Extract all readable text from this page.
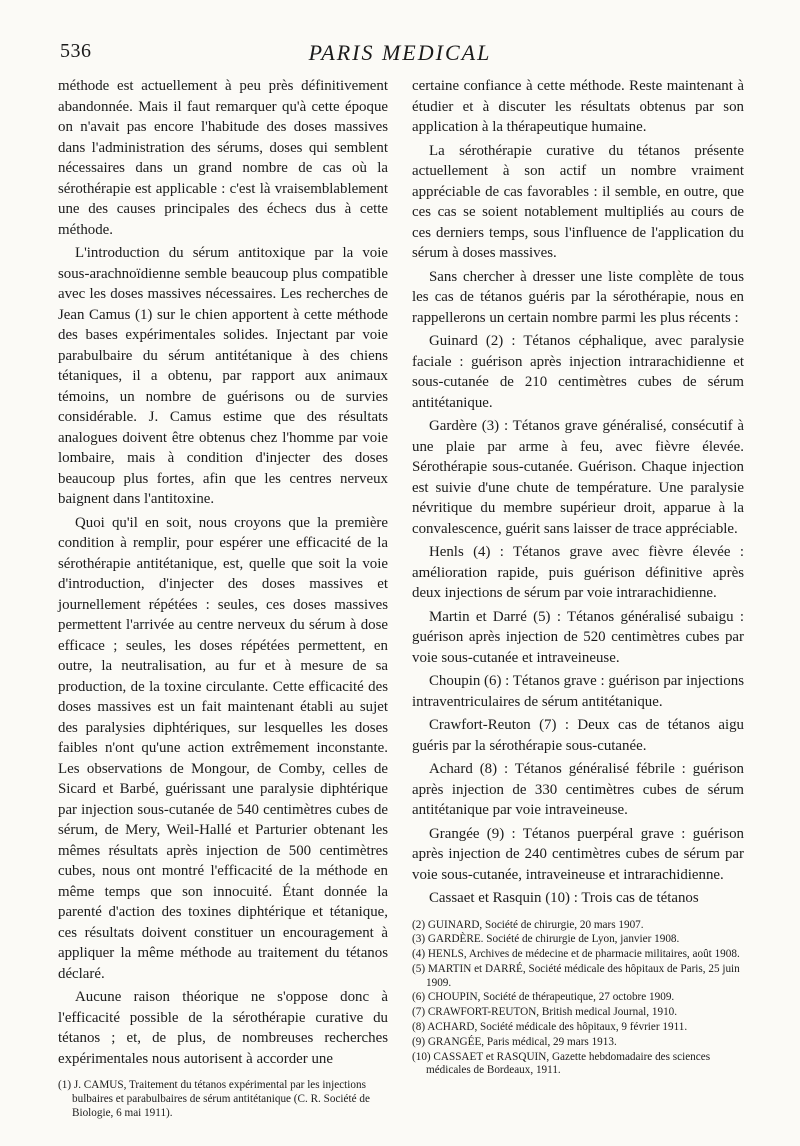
536	PARIS MEDICAL

méthode est actuellement à peu près définitivement abandonnée. Mais il faut remarquer qu'à cette époque on n'avait pas encore l'habitude des doses massives dans l'administration des sérums, doses qui semblent nécessaires dans un grand nombre de cas où la sérothérapie est applicable : c'est là vraisemblablement une des causes principales des échecs dus à cette méthode.

L'introduction du sérum antitoxique par la voie sous-arachnoïdienne semble beaucoup plus compatible avec les doses massives nécessaires. Les recherches de Jean Camus (1) sur le chien apportent à cette méthode des bases expérimentales solides. Injectant par voie parabulbaire du sérum antitétanique à des chiens tétaniques, il a obtenu, par rapport aux animaux témoins, un nombre de guérisons ou de survies considérable. J. Camus estime que des résultats analogues doivent être obtenus chez l'homme par voie lombaire, mais à condition d'injecter des doses beaucoup plus fortes, afin que les centres nerveux baignent dans l'antitoxine.

Quoi qu'il en soit, nous croyons que la première condition à remplir, pour espérer une efficacité de la sérothérapie antitétanique, est, quelle que soit la voie d'introduction, d'injecter des doses massives et journellement répétées : seules, ces doses massives permettent l'arrivée au centre nerveux du sérum à dose efficace ; seules, les doses répétées permettent, en outre, la neutralisation, au fur et à mesure de sa production, de la toxine circulante. Cette efficacité des doses massives est un fait maintenant établi au sujet des paralysies diphtériques, sur lesquelles les doses faibles n'ont qu'une action extrêmement inconstante. Les observations de Mongour, de Comby, celles de Sicard et Barbé, guérissant une paralysie diphtérique par injection sous-cutanée de 540 centimètres cubes de sérum, de Mery, Weil-Hallé et Parturier obtenant les mêmes résultats après injection de 500 centimètres cubes, nous ont montré l'efficacité de la méthode en même temps que son innocuité. Étant donnée la parenté d'action des toxines diphtérique et tétanique, ces résultats doivent constituer un encouragement à appliquer la même méthode au traitement du tétanos déclaré.

Aucune raison théorique ne s'oppose donc à l'efficacité possible de la sérothérapie curative du tétanos ; et, de plus, de nombreuses recherches expérimentales nous autorisent à accorder une

(1) J. CAMUS, Traitement du tétanos expérimental par les injections bulbaires et parabulbaires de sérum antitétanique (C. R. Société de Biologie, 6 mai 1911).

certaine confiance à cette méthode. Reste maintenant à étudier et à discuter les résultats obtenus par son application à la thérapeutique humaine.

La sérothérapie curative du tétanos présente actuellement à son actif un nombre vraiment appréciable de cas favorables : il semble, en outre, que ces cas se soient notablement multipliés au cours de ces derniers temps, sous l'influence de l'application du sérum à doses massives.

Sans chercher à dresser une liste complète de tous les cas de tétanos guéris par la sérothérapie, nous en rappellerons un certain nombre parmi les plus récents :

Guinard (2) : Tétanos céphalique, avec paralysie faciale : guérison après injection intrarachidienne et sous-cutanée de 210 centimètres cubes de sérum antitétanique.

Gardère (3) : Tétanos grave généralisé, consécutif à une plaie par arme à feu, avec fièvre élevée. Sérothérapie sous-cutanée. Guérison. Chaque injection est suivie d'une chute de température. Une paralysie névritique du membre supérieur droit, apparue à la convalescence, guérit sans laisser de trace appréciable.

Henls (4) : Tétanos grave avec fièvre élevée : amélioration rapide, puis guérison définitive après deux injections de sérum par voie intrarachidienne.

Martin et Darré (5) : Tétanos généralisé subaigu : guérison après injection de 520 centimètres cubes par voie sous-cutanée et intraveineuse.

Choupin (6) : Tétanos grave : guérison par injections intraventriculaires de sérum antitétanique.

Crawfort-Reuton (7) : Deux cas de tétanos aigu guéris par la sérothérapie sous-cutanée.

Achard (8) : Tétanos généralisé fébrile : guérison après injection de 330 centimètres cubes de sérum antitétanique par voie intraveineuse.

Grangée (9) : Tétanos puerpéral grave : guérison après injection de 240 centimètres cubes de sérum par voie sous-cutanée, intraveineuse et intrarachidienne.

Cassaet et Rasquin (10) : Trois cas de tétanos

(2) GUINARD, Société de chirurgie, 20 mars 1907.
(3) GARDÈRE. Société de chirurgie de Lyon, janvier 1908.
(4) HENLS, Archives de médecine et de pharmacie militaires, août 1908.
(5) MARTIN et DARRÉ, Société médicale des hôpitaux de Paris, 25 juin 1909.
(6) CHOUPIN, Société de thérapeutique, 27 octobre 1909.
(7) CRAWFORT-REUTON, British medical Journal, 1910.
(8) ACHARD, Société médicale des hôpitaux, 9 février 1911.
(9) GRANGÉE, Paris médical, 29 mars 1913.
(10) CASSAET et RASQUIN, Gazette hebdomadaire des sciences médicales de Bordeaux, 1911.
